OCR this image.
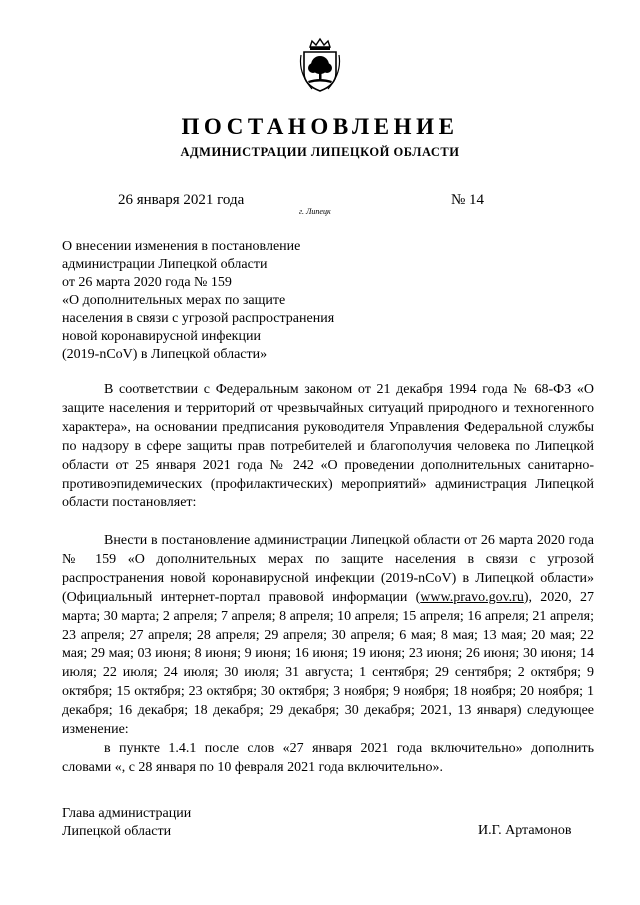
ПОСТАНОВЛЕНИЕ
АДМИНИСТРАЦИИ ЛИПЕЦКОЙ ОБЛАСТИ
26 января 2021 года	№ 14
г. Липецк
О внесении изменения в постановление
администрации Липецкой области
от 26 марта 2020 года № 159
«О дополнительных мерах по защите
населения в связи с угрозой распространения
новой коронавирусной инфекции
(2019-nCoV) в Липецкой области»
В соответствии с Федеральным законом от 21 декабря 1994 года № 68-ФЗ «О защите населения и территорий от чрезвычайных ситуаций природного и техногенного характера», на основании предписания руководителя Управления Федеральной службы по надзору в сфере защиты прав потребителей и благополучия человека по Липецкой области от 25 января 2021 года № 242 «О проведении дополнительных санитарно-противоэпидемических (профилактических) мероприятий» администрация Липецкой области постановляет:
Внести в постановление администрации Липецкой области от 26 марта 2020 года № 159 «О дополнительных мерах по защите населения в связи с угрозой распространения новой коронавирусной инфекции (2019-nCoV) в Липецкой области» (Официальный интернет-портал правовой информации (www.pravo.gov.ru), 2020, 27 марта; 30 марта; 2 апреля; 7 апреля; 8 апреля; 10 апреля; 15 апреля; 16 апреля; 21 апреля; 23 апреля; 27 апреля; 28 апреля; 29 апреля; 30 апреля; 6 мая; 8 мая; 13 мая; 20 мая; 22 мая; 29 мая; 03 июня; 8 июня; 9 июня; 16 июня; 19 июня; 23 июня; 26 июня; 30 июня; 14 июля; 22 июля; 24 июля; 30 июля; 31 августа; 1 сентября; 29 сентября; 2 октября; 9 октября; 15 октября; 23 октября; 30 октября; 3 ноября; 9 ноября; 18 ноября; 20 ноября; 1 декабря; 16 декабря; 18 декабря; 29 декабря; 30 декабря; 2021, 13 января) следующее изменение:
в пункте 1.4.1 после слов «27 января 2021 года включительно» дополнить словами «, с 28 января по 10 февраля 2021 года включительно».
Глава администрации
Липецкой области	И.Г. Артамонов
